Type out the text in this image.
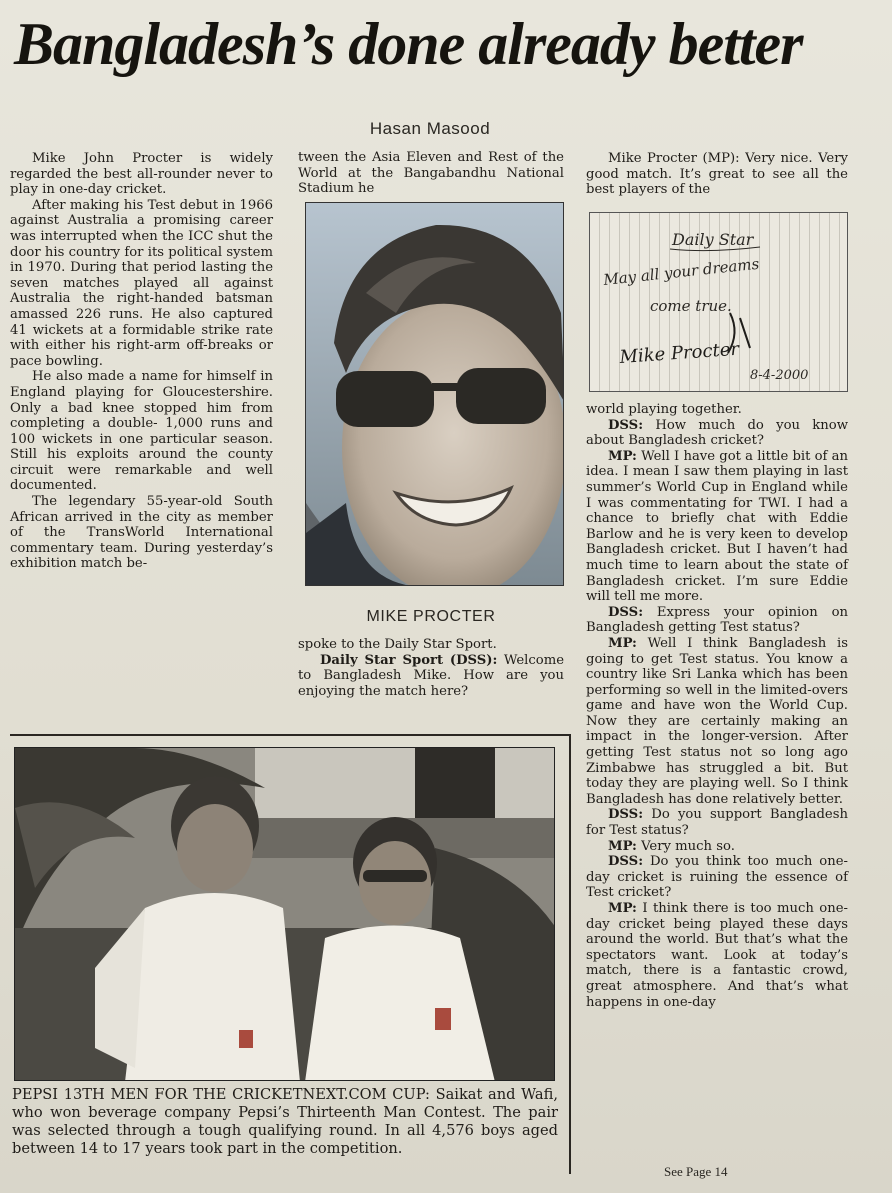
Bangladesh’s done already better
Hasan Masood

Mike John Procter is widely regarded the best all-rounder never to play in one-day cricket.

After making his Test debut in 1966 against Australia a promising career was interrupted when the ICC shut the door his country for its political system in 1970. During that period lasting the seven matches played all against Australia the right-handed batsman amassed 226 runs. He also captured 41 wickets at a formidable strike rate with either his right-arm off-breaks or pace bowling.

He also made a name for himself in England playing for Gloucestershire. Only a bad knee stopped him from completing a double- 1,000 runs and 100 wickets in one particular season. Still his exploits around the county circuit were remarkable and well documented.

The legendary 55-year-old South African arrived in the city as member of the TransWorld International commentary team. During yesterday’s exhibition match be-

tween the Asia Eleven and Rest of the World at the Bangabandhu National Stadium he

MIKE PROCTER

spoke to the Daily Star Sport.

Daily Star Sport (DSS): Welcome to Bangladesh Mike. How are you enjoying the match here?

Mike Procter (MP): Very nice. Very good match. It’s great to see all the best players of the

Daily Star
May all your dreams
come true.
Mike Procter
8-4-2000

world playing together.

DSS: How much do you know about Bangladesh cricket?

MP: Well I have got a little bit of an idea. I mean I saw them playing in last summer’s World Cup in England while I was commentating for TWI. I had a chance to briefly chat with Eddie Barlow and he is very keen to develop Bangladesh cricket. But I haven’t had much time to learn about the state of Bangladesh cricket. I’m sure Eddie will tell me more.

DSS: Express your opinion on Bangladesh getting Test status?

MP: Well I think Bangladesh is going to get Test status. You know a country like Sri Lanka which has been performing so well in the limited-overs game and have won the World Cup. Now they are certainly making an impact in the longer-version. After getting Test status not so long ago Zimbabwe has struggled a bit. But today they are playing well. So I think Bangladesh has done relatively better.

DSS: Do you support Bangladesh for Test status?

MP: Very much so.

DSS: Do you think too much one-day cricket is ruining the essence of Test cricket?

MP: I think there is too much one-day cricket being played these days around the world. But that’s what the spectators want. Look at today’s match, there is a fantastic crowd, great atmosphere. And that’s what happens in one-day

See Page 14

PEPSI 13TH MEN FOR THE CRICKETNEXT.COM CUP: Saikat and Wafi, who won beverage company Pepsi’s Thirteenth Man Contest. The pair was selected through a tough qualifying round. In all 4,576 boys aged between 14 to 17 years took part in the competition.
